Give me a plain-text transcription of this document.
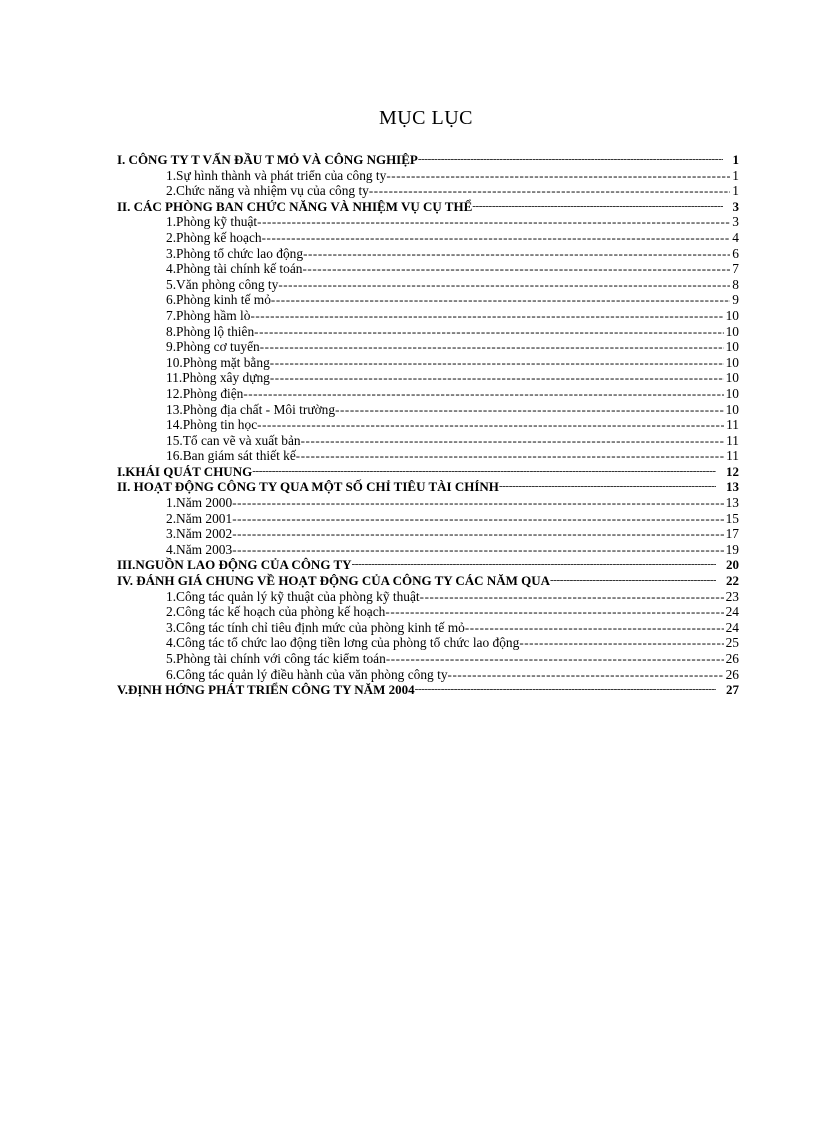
MỤC LỤC
I. CÔNG TY T VẤN ĐẦU T MỎ VÀ CÔNG NGHIỆP -----	1
1.Sự hình thành và phát triển của công ty -----	1
2.Chức năng và nhiệm vụ của công ty -----	1
II. CÁC PHÒNG BAN CHỨC NĂNG VÀ NHIỆM VỤ CỤ THỂ -----	3
1.Phòng kỹ thuật -----	3
2.Phòng kế hoạch -----	4
3.Phòng tổ chức lao động -----	6
4.Phòng tài chính kế toán -----	7
5.Văn phòng công ty -----	8
6.Phòng kinh tế mỏ -----	9
7.Phòng hầm lò -----	10
8.Phòng lộ thiên -----	10
9.Phòng cơ tuyển -----	10
10.Phòng mặt bằng -----	10
11.Phòng xây dựng -----	10
12.Phòng điện -----	10
13.Phòng địa chất - Môi trường -----	10
14.Phòng tin học -----	11
15.Tổ can vẽ và xuất bản -----	11
16.Ban giám sát thiết kế -----	11
I.KHÁI QUÁT CHUNG -----	12
II. HOẠT ĐỘNG CÔNG TY QUA MỘT SỐ CHỈ TIÊU TÀI CHÍNH -----	13
1.Năm 2000 -----	13
2.Năm 2001 -----	15
3.Năm 2002 -----	17
4.Năm 2003 -----	19
III.NGUỒN LAO ĐỘNG CỦA CÔNG TY -----	20
IV. ĐÁNH GIÁ CHUNG VỀ HOẠT ĐỘNG CỦA CÔNG TY CÁC NĂM QUA -----	22
1.Công tác quản lý kỹ thuật của phòng kỹ thuật -----	23
2.Công tác kế hoạch của phòng kế hoạch -----	24
3.Công tác tính chỉ tiêu định mức của phòng kinh tế mỏ -----	24
4.Công tác tổ chức lao động tiền lơng của phòng tổ chức lao động -----	25
5.Phòng tài chính với công tác kiểm toán -----	26
6.Công tác quản lý điều hành của văn phòng công ty -----	26
V.ĐỊNH HỚNG PHÁT TRIỂN CÔNG TY NĂM 2004 -----	27
